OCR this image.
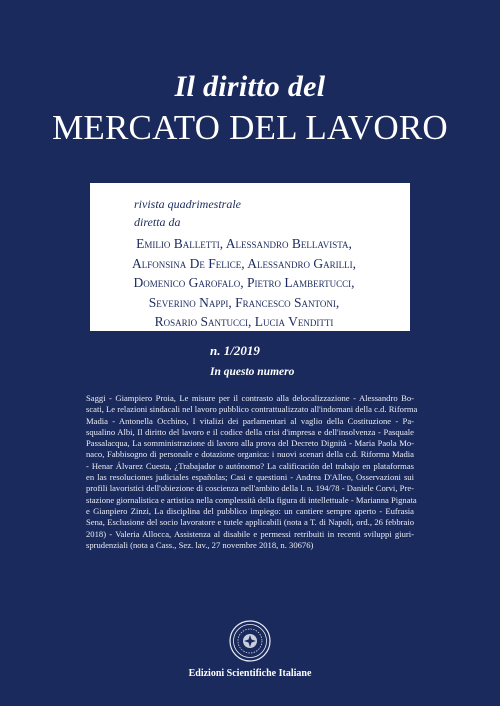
Il diritto del
MERCATO DEL LAVORO
rivista quadrimestrale
diretta da
Emilio Balletti, Alessandro Bellavista,
Alfonsina De Felice, Alessandro Garilli,
Domenico Garofalo, Pietro Lambertucci,
Severino Nappi, Francesco Santoni,
Rosario Santucci, Lucia Venditti
n. 1/2019
In questo numero
Saggi - Giampiero Proia, Le misure per il contrasto alla delocalizzazione - Alessandro Bo-
scati, Le relazioni sindacali nel lavoro pubblico contrattualizzato all'indomani della c.d. Riforma
Madia - Antonella Occhino, I vitalizi dei parlamentari al vaglio della Costituzione - Pa-
squalino Albi, Il diritto del lavoro e il codice della crisi d'impresa e dell'insolvenza - Pasquale
Passalacqua, La somministrazione di lavoro alla prova del Decreto Dignità - Maria Paola Mo-
naco, Fabbisogno di personale e dotazione organica: i nuovi scenari della c.d. Riforma Madia
- Henar Álvarez Cuesta, ¿Trabajador o autónomo? La calificación del trabajo en plataformas
en las resoluciones judiciales españolas; Casi e questioni - Andrea D'Alleo, Osservazioni sui
profili lavoristici dell'obiezione di coscienza nell'ambito della l. n. 194/78 - Daniele Corvi, Pre-
stazione giornalistica e artistica nella complessità della figura di intellettuale - Marianna Pignata
e Gianpiero Zinzi, La disciplina del pubblico impiego: un cantiere sempre aperto - Eufrasia
Sena, Esclusione del socio lavoratore e tutele applicabili (nota a T. di Napoli, ord., 26 febbraio
2018) - Valeria Allocca, Assistenza al disabile e permessi retribuiti in recenti sviluppi giuri-
sprudenziali (nota a Cass., Sez. lav., 27 novembre 2018, n. 30676)
Edizioni Scientifiche Italiane
